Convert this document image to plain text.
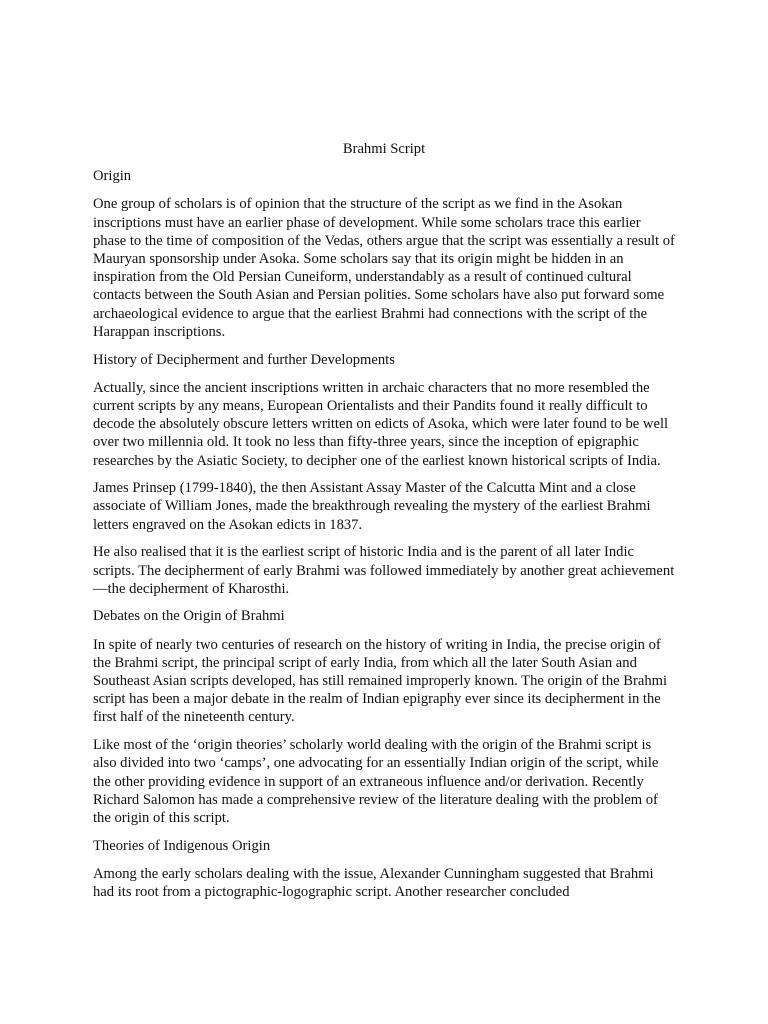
Brahmi Script
Origin
One group of scholars is of opinion that the structure of the script as we find in the Asokan inscriptions must have an earlier phase of development. While some scholars trace this earlier phase to the time of composition of the Vedas, others argue that the script was essentially a result of Mauryan sponsorship under Asoka. Some scholars say that its origin might be hidden in an inspiration from the Old Persian Cuneiform, understandably as a result of continued cultural contacts between the South Asian and Persian polities. Some scholars have also put forward some archaeological evidence to argue that the earliest Brahmi had connections with the script of the Harappan inscriptions.
History of Decipherment and further Developments
Actually, since the ancient inscriptions written in archaic characters that no more resembled the current scripts by any means, European Orientalists and their Pandits found it really difficult to decode the absolutely obscure letters written on edicts of Asoka, which were later found to be well over two millennia old. It took no less than fifty-three years, since the inception of epigraphic researches by the Asiatic Society, to decipher one of the earliest known historical scripts of India.
James Prinsep (1799-1840), the then Assistant Assay Master of the Calcutta Mint and a close associate of William Jones, made the breakthrough revealing the mystery of the earliest Brahmi letters engraved on the Asokan edicts in 1837.
He also realised that it is the earliest script of historic India and is the parent of all later Indic scripts. The decipherment of early Brahmi was followed immediately by another great achievement—the decipherment of Kharosthi.
Debates on the Origin of Brahmi
In spite of nearly two centuries of research on the history of writing in India, the precise origin of the Brahmi script, the principal script of early India, from which all the later South Asian and Southeast Asian scripts developed, has still remained improperly known. The origin of the Brahmi script has been a major debate in the realm of Indian epigraphy ever since its decipherment in the first half of the nineteenth century.
Like most of the ‘origin theories’ scholarly world dealing with the origin of the Brahmi script is also divided into two ‘camps’, one advocating for an essentially Indian origin of the script, while the other providing evidence in support of an extraneous influence and/or derivation. Recently Richard Salomon has made a comprehensive review of the literature dealing with the problem of the origin of this script.
Theories of Indigenous Origin
Among the early scholars dealing with the issue, Alexander Cunningham suggested that Brahmi had its root from a pictographic-logographic script. Another researcher concluded
